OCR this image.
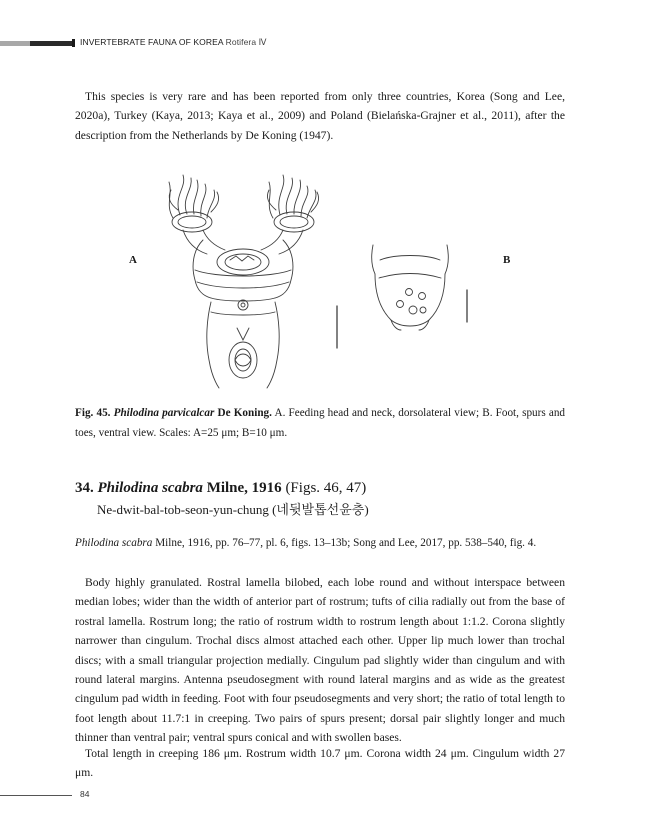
INVERTEBRATE FAUNA OF KOREA Rotifera Ⅳ

This species is very rare and has been reported from only three countries, Korea (Song and Lee, 2020a), Turkey (Kaya, 2013; Kaya et al., 2009) and Poland (Bielańska-Grajner et al., 2011), after the description from the Netherlands by De Koning (1947).

A	B

Fig. 45. Philodina parvicalcar De Koning. A. Feeding head and neck, dorsolateral view; B. Foot, spurs and toes, ventral view. Scales: A=25 μm; B=10 μm.

34. Philodina scabra Milne, 1916 (Figs. 46, 47)
Ne-dwit-bal-tob-seon-yun-chung (네뒷발톱선윤충)
Philodina scabra Milne, 1916, pp. 76–77, pl. 6, figs. 13–13b; Song and Lee, 2017, pp. 538–540, fig. 4.

Body highly granulated. Rostral lamella bilobed, each lobe round and without interspace between median lobes; wider than the width of anterior part of rostrum; tufts of cilia radially out from the base of rostral lamella. Rostrum long; the ratio of rostrum width to rostrum length about 1:1.2. Corona slightly narrower than cingulum. Trochal discs almost attached each other. Upper lip much lower than trochal discs; with a small triangular projection medially. Cingulum pad slightly wider than cingulum and with round lateral margins. Antenna pseudosegment with round lateral margins and as wide as the greatest cingulum pad width in feeding. Foot with four pseudosegments and very short; the ratio of total length to foot length about 11.7:1 in creeping. Two pairs of spurs present; dorsal pair slightly longer and much thinner than ventral pair; ventral spurs conical and with swollen bases.

Total length in creeping 186 μm. Rostrum width 10.7 μm. Corona width 24 μm. Cingulum width 27 μm.

84
